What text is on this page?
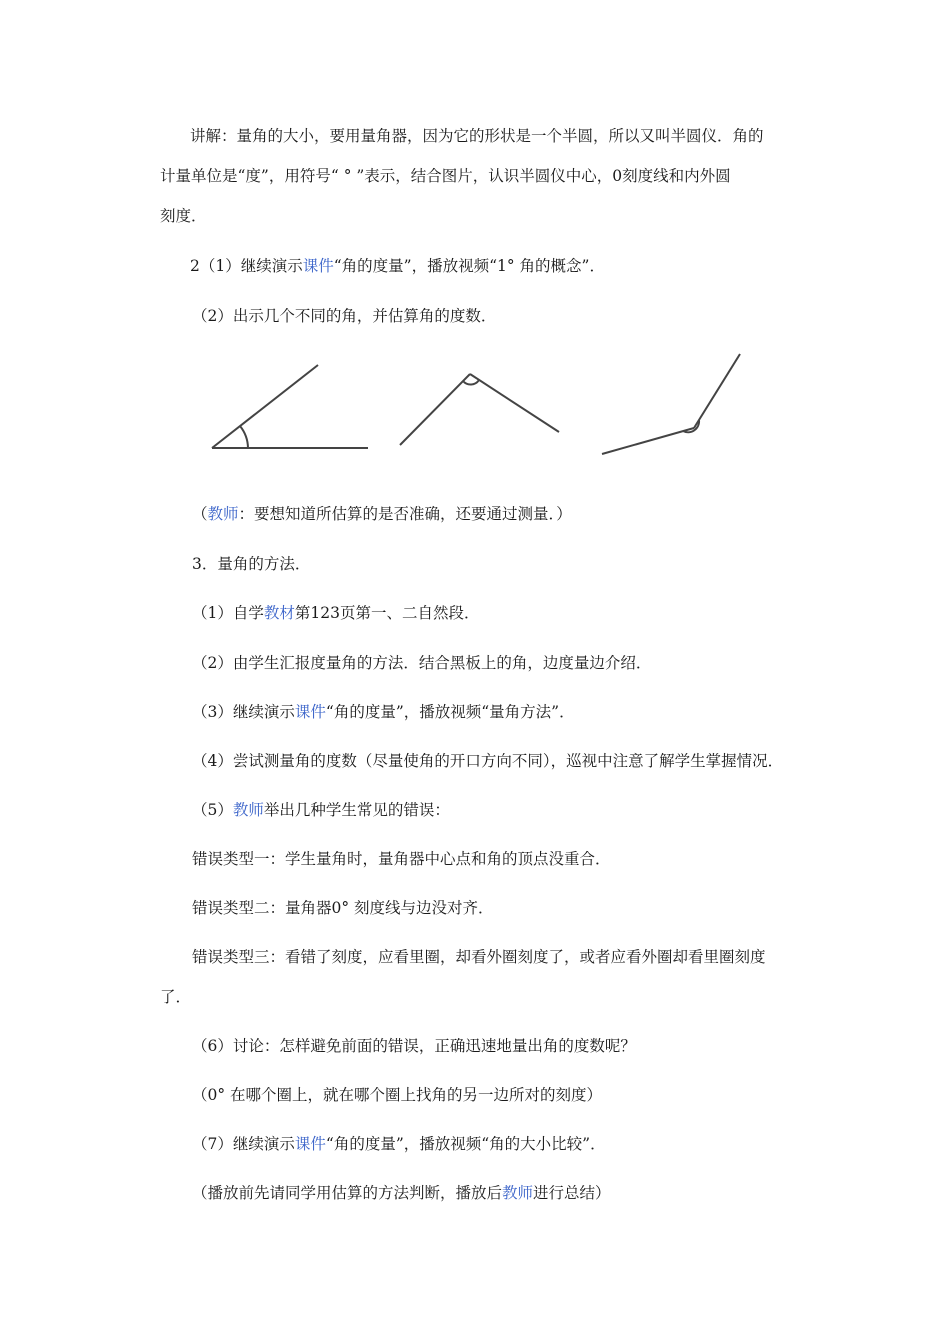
讲解：量角的大小，要用量角器，因为它的形状是一个半圆，所以又叫半圆仪．角的
计量单位是“度”，用符号“ ° ”表示，结合图片，认识半圆仪中心，0刻度线和内外圆
刻度．
2（1）继续演示课件“角的度量”，播放视频“1° 角的概念”．
（2）出示几个不同的角，并估算角的度数．
（教师：要想知道所估算的是否准确，还要通过测量．）
3．量角的方法．
（1）自学教材第123页第一、二自然段．
（2）由学生汇报度量角的方法．结合黑板上的角，边度量边介绍．
（3）继续演示课件“角的度量”，播放视频“量角方法”．
（4）尝试测量角的度数（尽量使角的开口方向不同），巡视中注意了解学生掌握情况．
（5）教师举出几种学生常见的错误：
错误类型一：学生量角时，量角器中心点和角的顶点没重合．
错误类型二：量角器0° 刻度线与边没对齐．
错误类型三：看错了刻度，应看里圈，却看外圈刻度了，或者应看外圈却看里圈刻度
了．
（6）讨论：怎样避免前面的错误，正确迅速地量出角的度数呢？
（0° 在哪个圈上，就在哪个圈上找角的另一边所对的刻度）
（7）继续演示课件“角的度量”，播放视频“角的大小比较”．
（播放前先请同学用估算的方法判断，播放后教师进行总结）
